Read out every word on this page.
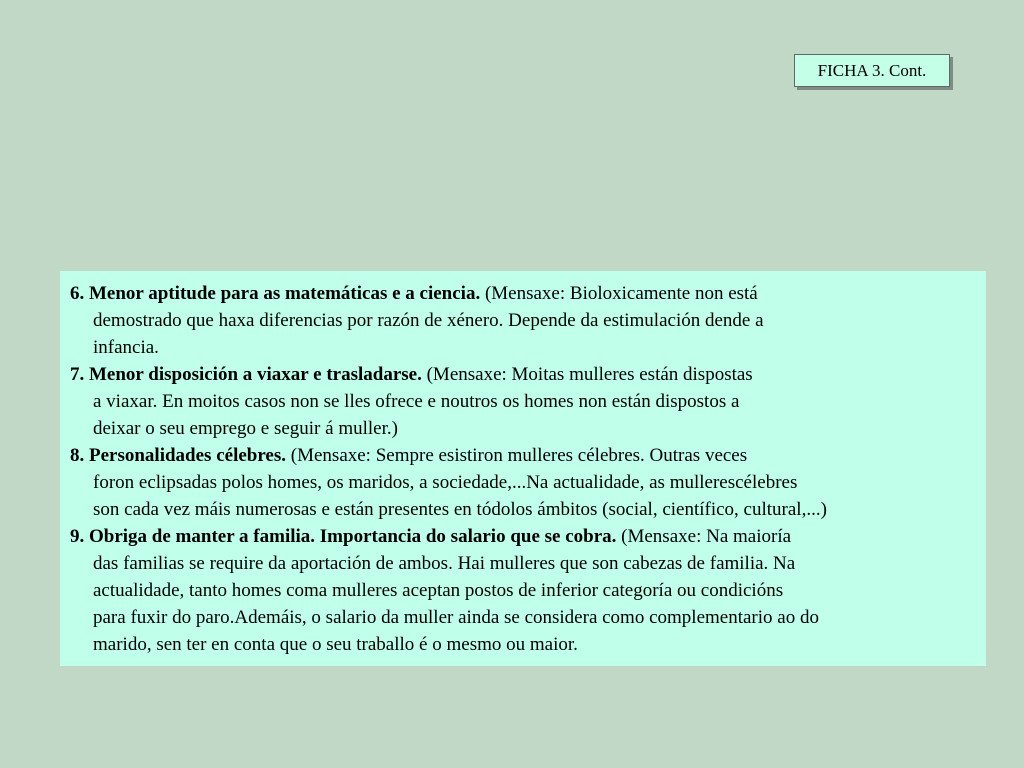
FICHA 3. Cont.
6. Menor aptitude para as matemáticas e a ciencia. (Mensaxe: Bioloxicamente non está
demostrado que haxa diferencias por razón de xénero. Depende da estimulación dende a
infancia.
7. Menor disposición a viaxar e trasladarse. (Mensaxe: Moitas mulleres están dispostas
a viaxar. En moitos casos non se lles ofrece e noutros os homes non están dispostos a
deixar o seu emprego e seguir á muller.)
8. Personalidades célebres. (Mensaxe: Sempre esistiron mulleres célebres. Outras veces
foron eclipsadas polos homes, os maridos, a sociedade,...Na actualidade, as mullerescélebres
son cada vez máis numerosas e están presentes en tódolos ámbitos (social, científico, cultural,...)
9. Obriga de manter a familia. Importancia do salario que se cobra. (Mensaxe: Na maioría
das familias se require da aportación de ambos. Hai mulleres que son cabezas de familia. Na
actualidade, tanto homes coma mulleres aceptan postos de inferior categoría ou condicións
para fuxir do paro.Ademáis, o salario da muller ainda se considera como complementario ao do
marido, sen ter en conta que o seu traballo é o mesmo ou maior.
